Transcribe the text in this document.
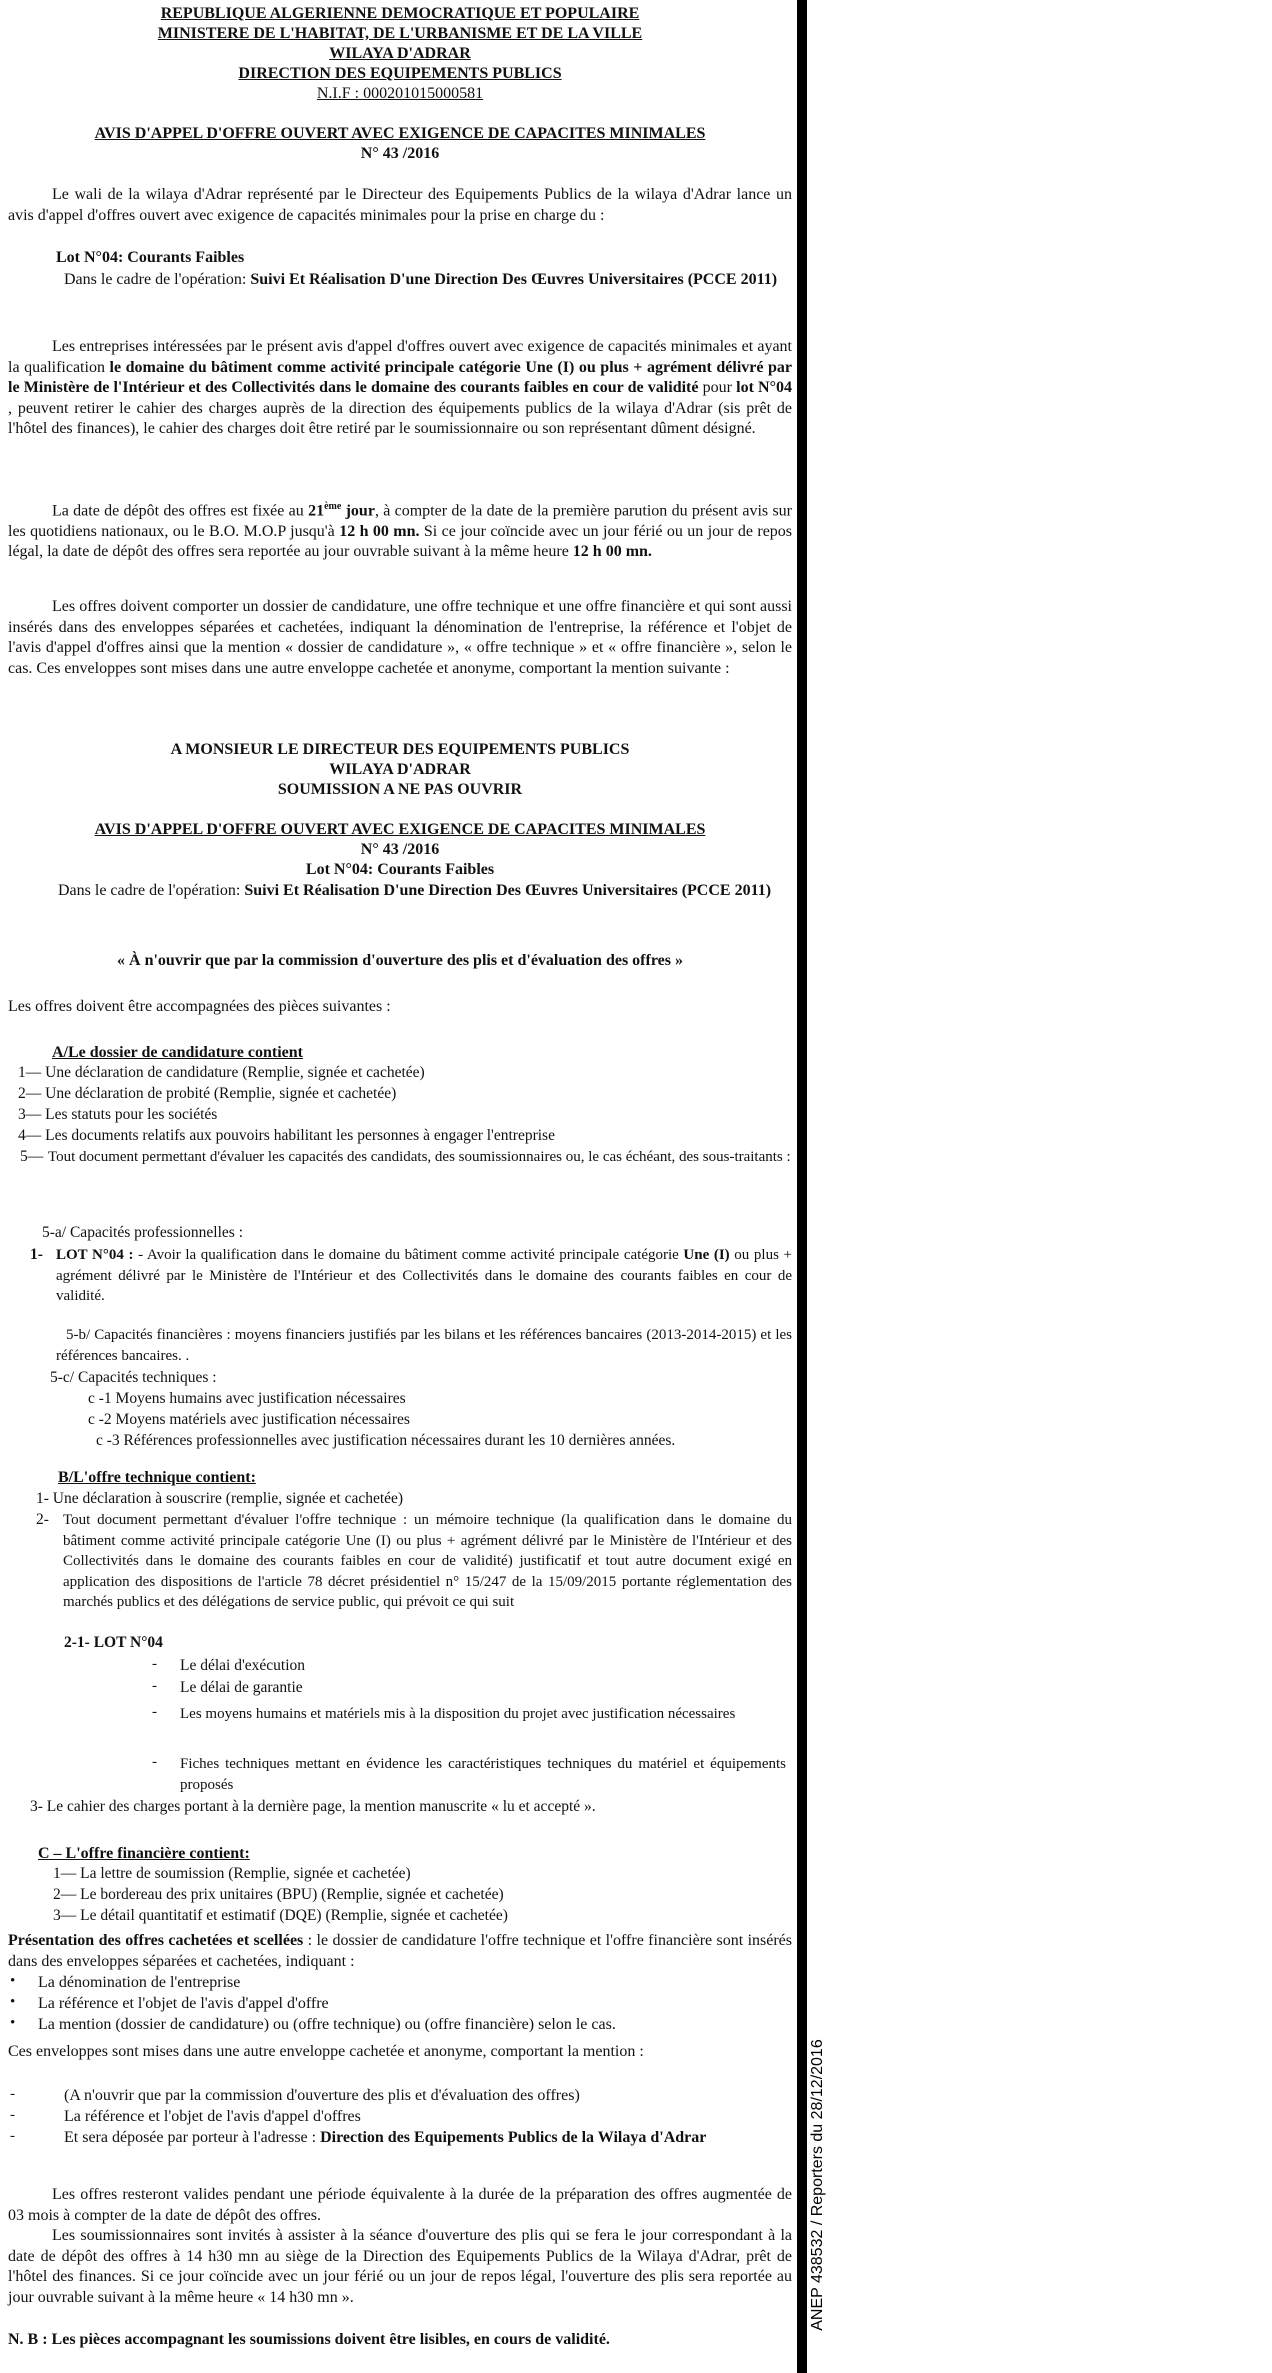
REPUBLIQUE ALGERIENNE DEMOCRATIQUE ET POPULAIRE
MINISTERE DE L'HABITAT, DE L'URBANISME ET DE LA VILLE
WILAYA D'ADRAR
DIRECTION DES EQUIPEMENTS PUBLICS
N.I.F : 000201015000581
AVIS D'APPEL D'OFFRE OUVERT AVEC EXIGENCE DE CAPACITES MINIMALES
N° 43 /2016
Le wali de la wilaya d'Adrar représenté par le Directeur des Equipements Publics de la wilaya d'Adrar lance un avis d'appel d'offres ouvert avec exigence de capacités minimales pour la prise en charge du :
Lot N°04: Courants Faibles
Dans le cadre de l'opération: Suivi Et Réalisation D'une Direction Des Œuvres Universitaires (PCCE 2011)
Les entreprises intéressées par le présent avis d'appel d'offres ouvert avec exigence de capacités minimales et ayant la qualification le domaine du bâtiment comme activité principale catégorie Une (I) ou plus + agrément délivré par le Ministère de l'Intérieur et des Collectivités dans le domaine des courants faibles en cour de validité pour lot N°04 , peuvent retirer le cahier des charges auprès de la direction des équipements publics de la wilaya d'Adrar (sis prêt de l'hôtel des finances), le cahier des charges doit être retiré par le soumissionnaire ou son représentant dûment désigné.
La date de dépôt des offres est fixée au 21ème jour, à compter de la date de la première parution du présent avis sur les quotidiens nationaux, ou le B.O. M.O.P jusqu'à 12 h 00 mn. Si ce jour coïncide avec un jour férié ou un jour de repos légal, la date de dépôt des offres sera reportée au jour ouvrable suivant à la même heure 12 h 00 mn.
Les offres doivent comporter un dossier de candidature, une offre technique et une offre financière et qui sont aussi insérés dans des enveloppes séparées et cachetées, indiquant la dénomination de l'entreprise, la référence et l'objet de l'avis d'appel d'offres ainsi que la mention « dossier de candidature », « offre technique » et « offre financière », selon le cas. Ces enveloppes sont mises dans une autre enveloppe cachetée et anonyme, comportant la mention suivante :
A MONSIEUR LE DIRECTEUR DES EQUIPEMENTS PUBLICS
WILAYA D'ADRAR
SOUMISSION A NE PAS OUVRIR
AVIS D'APPEL D'OFFRE OUVERT AVEC EXIGENCE DE CAPACITES MINIMALES
N° 43 /2016
Lot N°04: Courants Faibles
Dans le cadre de l'opération: Suivi Et Réalisation D'une Direction Des Œuvres Universitaires (PCCE 2011)
« À n'ouvrir que par la commission d'ouverture des plis et d'évaluation des offres »
Les offres doivent être accompagnées des pièces suivantes :
A/Le dossier de candidature contient
1— Une déclaration de candidature (Remplie, signée et cachetée)
2— Une déclaration de probité (Remplie, signée et cachetée)
3— Les statuts pour les sociétés
4— Les documents relatifs aux pouvoirs habilitant les personnes à engager l'entreprise
5— Tout document permettant d'évaluer les capacités des candidats, des soumissionnaires ou, le cas échéant, des sous-traitants :
5-a/ Capacités professionnelles :
1- LOT N°04 : - Avoir la qualification dans le domaine du bâtiment comme activité principale catégorie Une (I) ou plus + agrément délivré par le Ministère de l'Intérieur et des Collectivités dans le domaine des courants faibles en cour de validité.
5-b/ Capacités financières : moyens financiers justifiés par les bilans et les références bancaires (2013-2014-2015) et les références bancaires. .
5-c/ Capacités techniques :
c -1 Moyens humains avec justification nécessaires
c -2 Moyens matériels avec justification nécessaires
c -3 Références professionnelles avec justification nécessaires durant les 10 dernières années.
B/L'offre technique contient:
1- Une déclaration à souscrire (remplie, signée et cachetée)
2- Tout document permettant d'évaluer l'offre technique : un mémoire technique (la qualification dans le domaine du bâtiment comme activité principale catégorie Une (I) ou plus + agrément délivré par le Ministère de l'Intérieur et des Collectivités dans le domaine des courants faibles en cour de validité) justificatif et tout autre document exigé en application des dispositions de l'article 78 décret présidentiel n° 15/247 de la 15/09/2015 portante réglementation des marchés publics et des délégations de service public, qui prévoit ce qui suit
2-1- LOT N°04
- Le délai d'exécution
- Le délai de garantie
- Les moyens humains et matériels mis à la disposition du projet avec justification nécessaires
- Fiches techniques mettant en évidence les caractéristiques techniques du matériel et équipements proposés
3- Le cahier des charges portant à la dernière page, la mention manuscrite « lu et accepté ».
C – L'offre financière contient:
1— La lettre de soumission (Remplie, signée et cachetée)
2— Le bordereau des prix unitaires (BPU) (Remplie, signée et cachetée)
3— Le détail quantitatif et estimatif (DQE) (Remplie, signée et cachetée)
Présentation des offres cachetées et scellées : le dossier de candidature l'offre technique et l'offre financière sont insérés dans des enveloppes séparées et cachetées, indiquant :
• La dénomination de l'entreprise
• La référence et l'objet de l'avis d'appel d'offre
• La mention (dossier de candidature) ou (offre technique) ou (offre financière) selon le cas.
Ces enveloppes sont mises dans une autre enveloppe cachetée et anonyme, comportant la mention :
-	(A n'ouvrir que par la commission d'ouverture des plis et d'évaluation des offres)
-	La référence et l'objet de l'avis d'appel d'offres
-	Et sera déposée par porteur à l'adresse : Direction des Equipements Publics de la Wilaya d'Adrar
Les offres resteront valides pendant une période équivalente à la durée de la préparation des offres augmentée de 03 mois à compter de la date de dépôt des offres.
Les soumissionnaires sont invités à assister à la séance d'ouverture des plis qui se fera le jour correspondant à la date de dépôt des offres à 14 h30 mn au siège de la Direction des Equipements Publics de la Wilaya d'Adrar, prêt de l'hôtel des finances. Si ce jour coïncide avec un jour férié ou un jour de repos légal, l'ouverture des plis sera reportée au jour ouvrable suivant à la même heure « 14 h30 mn ».
N. B : Les pièces accompagnant les soumissions doivent être lisibles, en cours de validité.
ANEP 438532 / Reporters du 28/12/2016
